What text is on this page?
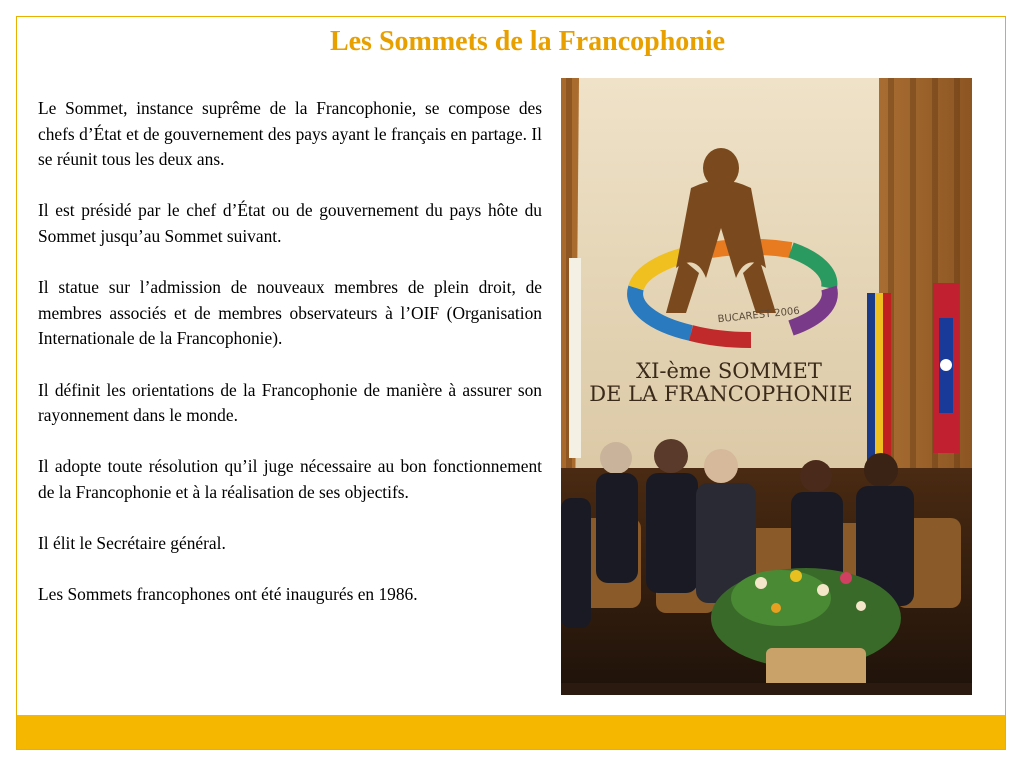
Les Sommets de la Francophonie

Le Sommet, instance suprême de la Francophonie, se compose des chefs d’État et de gouvernement des pays ayant le français en partage. Il se réunit tous les deux ans.

Il est présidé par le chef d’État ou de gouvernement du pays hôte du Sommet jusqu’au Sommet suivant.

Il statue sur l’admission de nouveaux membres de plein droit, de membres associés et de membres observateurs à l’OIF (Organisation Internationale de la Francophonie).

Il définit les orientations de la Francophonie de manière à assurer son rayonnement dans le monde.

Il adopte toute résolution qu’il juge nécessaire au bon fonctionnement de la Francophonie et à la réalisation de ses objectifs.

Il élit le Secrétaire général.

Les Sommets francophones ont été inaugurés en 1986.

BUCAREST 2006
XI-ème SOMMET
DE LA FRANCOPHONIE
